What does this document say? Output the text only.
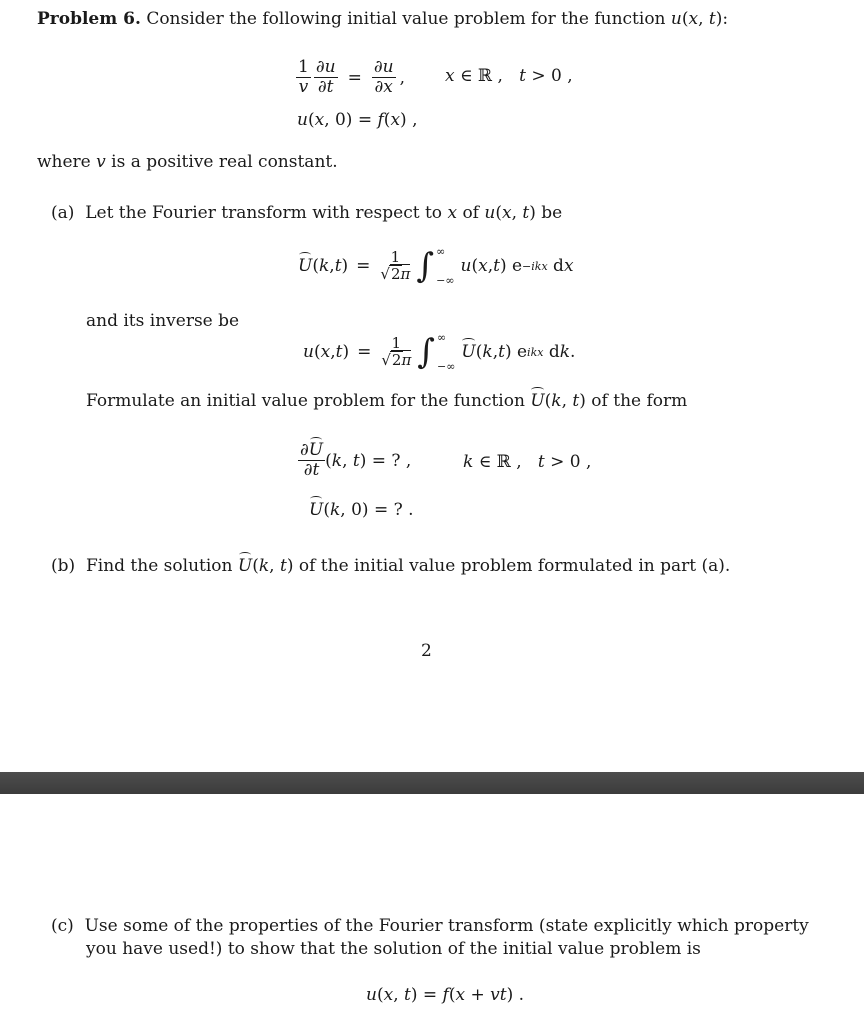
Problem 6. Consider the following initial value problem for the function u(x, t):
$\frac{1}{v} \frac{\partial u}{\partial t} = \frac{\partial u}{\partial x}$ , x ∈ ℝ ,   t > 0 ,
u(x, 0) = f(x) ,
where v is a positive real constant.
(a)  Let the Fourier transform with respect to x of u(x, t) be
U ( k , t ) = $\frac{1}{√2\pi}$ ∫ ∞
−∞
u ( x , t ) e −ikx d x
and its inverse be
u ( x , t ) = $\frac{1}{√2\pi}$ ∫ ∞
−∞
U ( k , t ) e ikx d k .
Formulate an initial value problem for the function U(k, t) of the form
$\frac{\partial U}{\partial t} (k$, t) = ? ,	k ∈ ℝ ,   t > 0 ,
U(k, 0) = ? .
(b)  Find the solution U(k, t) of the initial value problem formulated in part (a).
2
(c) Use some of the properties of the Fourier transform (state explicitly which property
you have used!) to show that the solution of the initial value problem is
u(x, t) = f(x + vt) .
